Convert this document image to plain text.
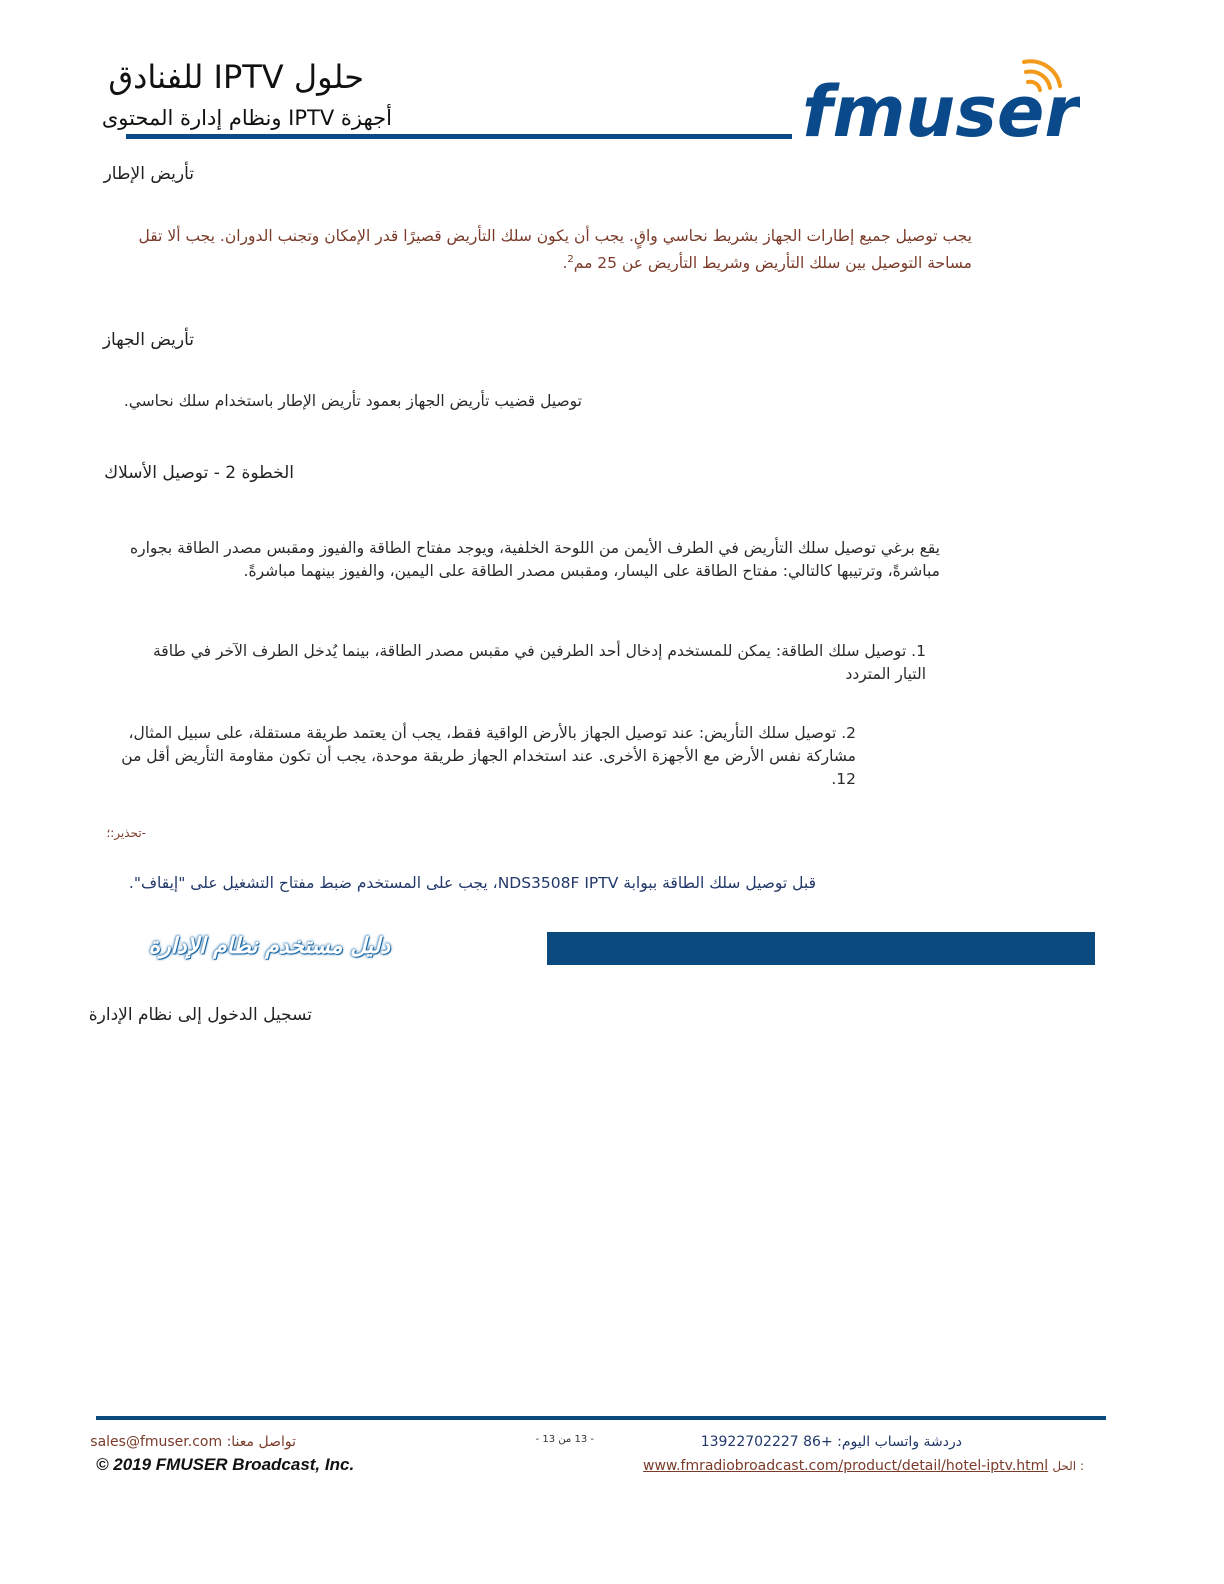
حلول IPTV للفنادق
أجهزة IPTV ونظام إدارة المحتوى	fmuser
تأريض الإطار
يجب توصيل جميع إطارات الجهاز بشريط نحاسي واقٍ. يجب أن يكون سلك التأريض قصيرًا قدر الإمكان وتجنب الدوران. يجب ألا تقل مساحة التوصيل بين سلك التأريض وشريط التأريض عن 25 مم$^2$.
تأريض الجهاز
توصيل قضيب تأريض الجهاز بعمود تأريض الإطار باستخدام سلك نحاسي.
الخطوة 2 - توصيل الأسلاك
يقع برغي توصيل سلك التأريض في الطرف الأيمن من اللوحة الخلفية، ويوجد مفتاح الطاقة والفيوز ومقبس مصدر الطاقة بجواره مباشرةً، وترتيبها كالتالي: مفتاح الطاقة على اليسار، ومقبس مصدر الطاقة على اليمين، والفيوز بينهما مباشرةً.
1. توصيل سلك الطاقة: يمكن للمستخدم إدخال أحد الطرفين في مقبس مصدر الطاقة، بينما يُدخل الطرف الآخر في طاقة التيار المتردد
2. توصيل سلك التأريض: عند توصيل الجهاز بالأرض الواقية فقط، يجب أن يعتمد طريقة مستقلة، على سبيل المثال، مشاركة نفس الأرض مع الأجهزة الأخرى. عند استخدام الجهاز طريقة موحدة، يجب أن تكون مقاومة التأريض أقل من 12.
-تحذير:؛
قبل توصيل سلك الطاقة ببوابة NDS3508F IPTV، يجب على المستخدم ضبط مفتاح التشغيل على "إيقاف".
دليل مستخدم نظام الإدارة
تسجيل الدخول إلى نظام الإدارة
تواصل معنا: sales@fmuser.com	- 13 من 13 -	دردشة واتساب اليوم: +86 13922702227
© 2019 FMUSER Broadcast, Inc.	www.fmradiobroadcast.com/product/detail/hotel-iptv.html الحل :
